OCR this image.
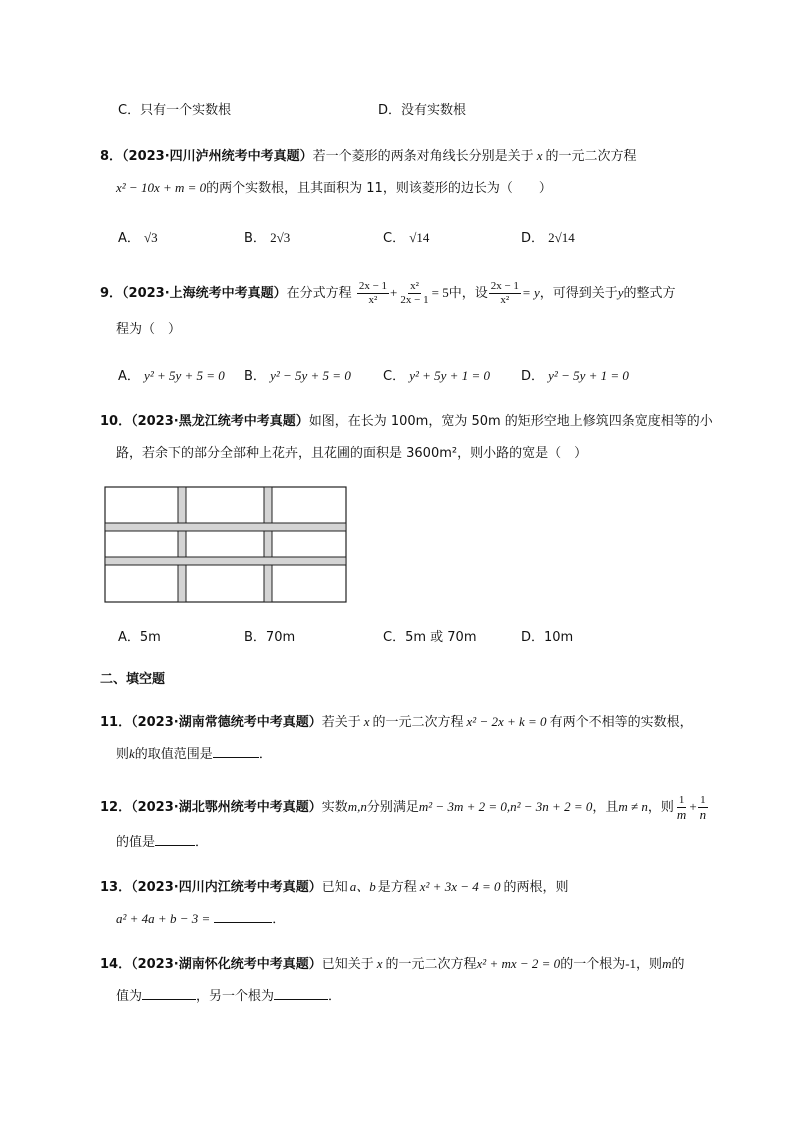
C．只有一个实数根	D．没有实数根
8．（2023·四川泸州统考中考真题）若一个菱形的两条对角线长分别是关于 x 的一元二次方程
x² − 10x + m = 0的两个实数根，且其面积为 11，则该菱形的边长为（　　）
A． √3	B． 2√3	C． √14	D． 2√14
9．（2023·上海统考中考真题）在分式方程 $\frac{2x - 1}{\text{x²}} + \frac{\text{x²}}{2x - 1} = 5$中，设 $\frac{2x - 1}{\text{x²}} = y$，可得到关于y的整式方
程为（　）
A． y² + 5y + 5 = 0 B． y² − 5y + 5 = 0 C． y² + 5y + 1 = 0 D． y² − 5y + 1 = 0
10．（2023·黑龙江统考中考真题）如图，在长为 100m，宽为 50m 的矩形空地上修筑四条宽度相等的小
路，若余下的部分全部种上花卉，且花圃的面积是 3600m²，则小路的宽是（　）
A．5m	B．70m	C．5m 或 70m	D．10m
二、填空题
11．（2023·湖南常德统考中考真题）若关于 x 的一元二次方程 x² − 2x + k = 0 有两个不相等的实数根，
则k的取值范围是	．
12．（2023·湖北鄂州统考中考真题）实数m,n分别满足m² − 3m + 2 = 0,n² − 3n + 2 = 0，且m ≠ n，则 $\frac{1}{m} + \frac{1}{n}$
的值是	．
13．（2023·四川内江统考中考真题）已知 a、b 是方程 x² + 3x − 4 = 0 的两根，则
a² + 4a + b − 3 =	．
14．（2023·湖南怀化统考中考真题）已知关于 x 的一元二次方程x² + mx − 2 = 0的一个根为-1，则m的
值为	，另一个根为	．
